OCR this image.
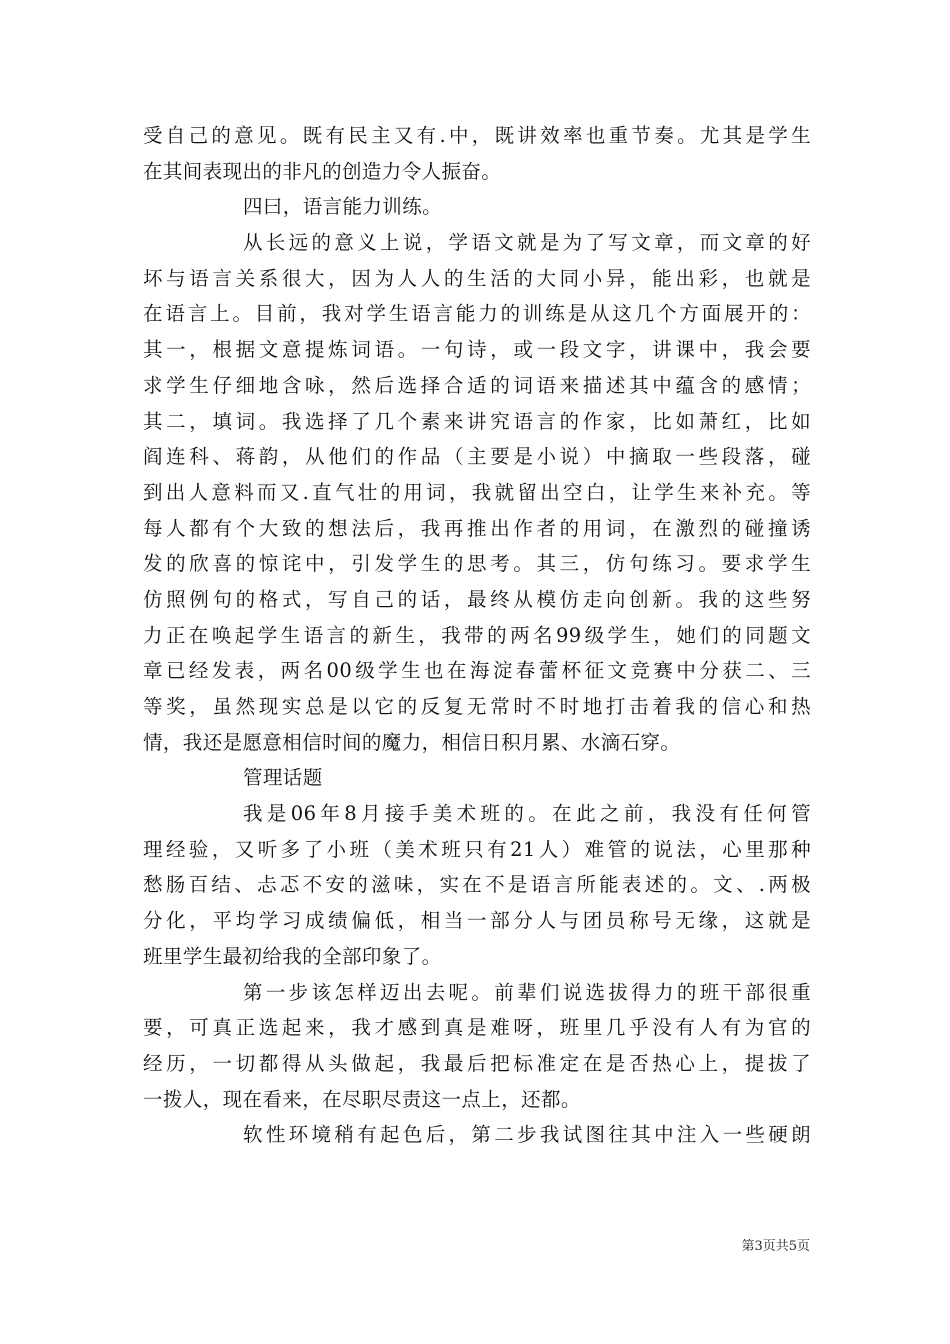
受自己的意见。既有民主又有.中，既讲效率也重节奏。尤其是学生
在其间表现出的非凡的创造力令人振奋。
四曰，语言能力训练。
从长远的意义上说，学语文就是为了写文章，而文章的好
坏与语言关系很大，因为人人的生活的大同小异，能出彩，也就是
在语言上。目前，我对学生语言能力的训练是从这几个方面展开的：
其一，根据文意提炼词语。一句诗，或一段文字，讲课中，我会要
求学生仔细地含咏，然后选择合适的词语来描述其中蕴含的感情；
其二，填词。我选择了几个素来讲究语言的作家，比如萧红，比如
阎连科、蒋韵，从他们的作品（主要是小说）中摘取一些段落，碰
到出人意料而又.直气壮的用词，我就留出空白，让学生来补充。等
每人都有个大致的想法后，我再推出作者的用词，在激烈的碰撞诱
发的欣喜的惊诧中，引发学生的思考。其三，仿句练习。要求学生
仿照例句的格式，写自己的话，最终从模仿走向创新。我的这些努
力正在唤起学生语言的新生，我带的两名99级学生，她们的同题文
章已经发表，两名00级学生也在海淀春蕾杯征文竞赛中分获二、三
等奖，虽然现实总是以它的反复无常时不时地打击着我的信心和热
情，我还是愿意相信时间的魔力，相信日积月累、水滴石穿。
管理话题
我是06年8月接手美术班的。在此之前，我没有任何管
理经验，又听多了小班（美术班只有21人）难管的说法，心里那种
愁肠百结、忐忑不安的滋味，实在不是语言所能表述的。文、.两极
分化，平均学习成绩偏低，相当一部分人与团员称号无缘，这就是
班里学生最初给我的全部印象了。
第一步该怎样迈出去呢。前辈们说选拔得力的班干部很重
要，可真正选起来，我才感到真是难呀，班里几乎没有人有为官的
经历，一切都得从头做起，我最后把标准定在是否热心上，提拔了
一拨人，现在看来，在尽职尽责这一点上，还都。
软性环境稍有起色后，第二步我试图往其中注入一些硬朗
第3页共5页
